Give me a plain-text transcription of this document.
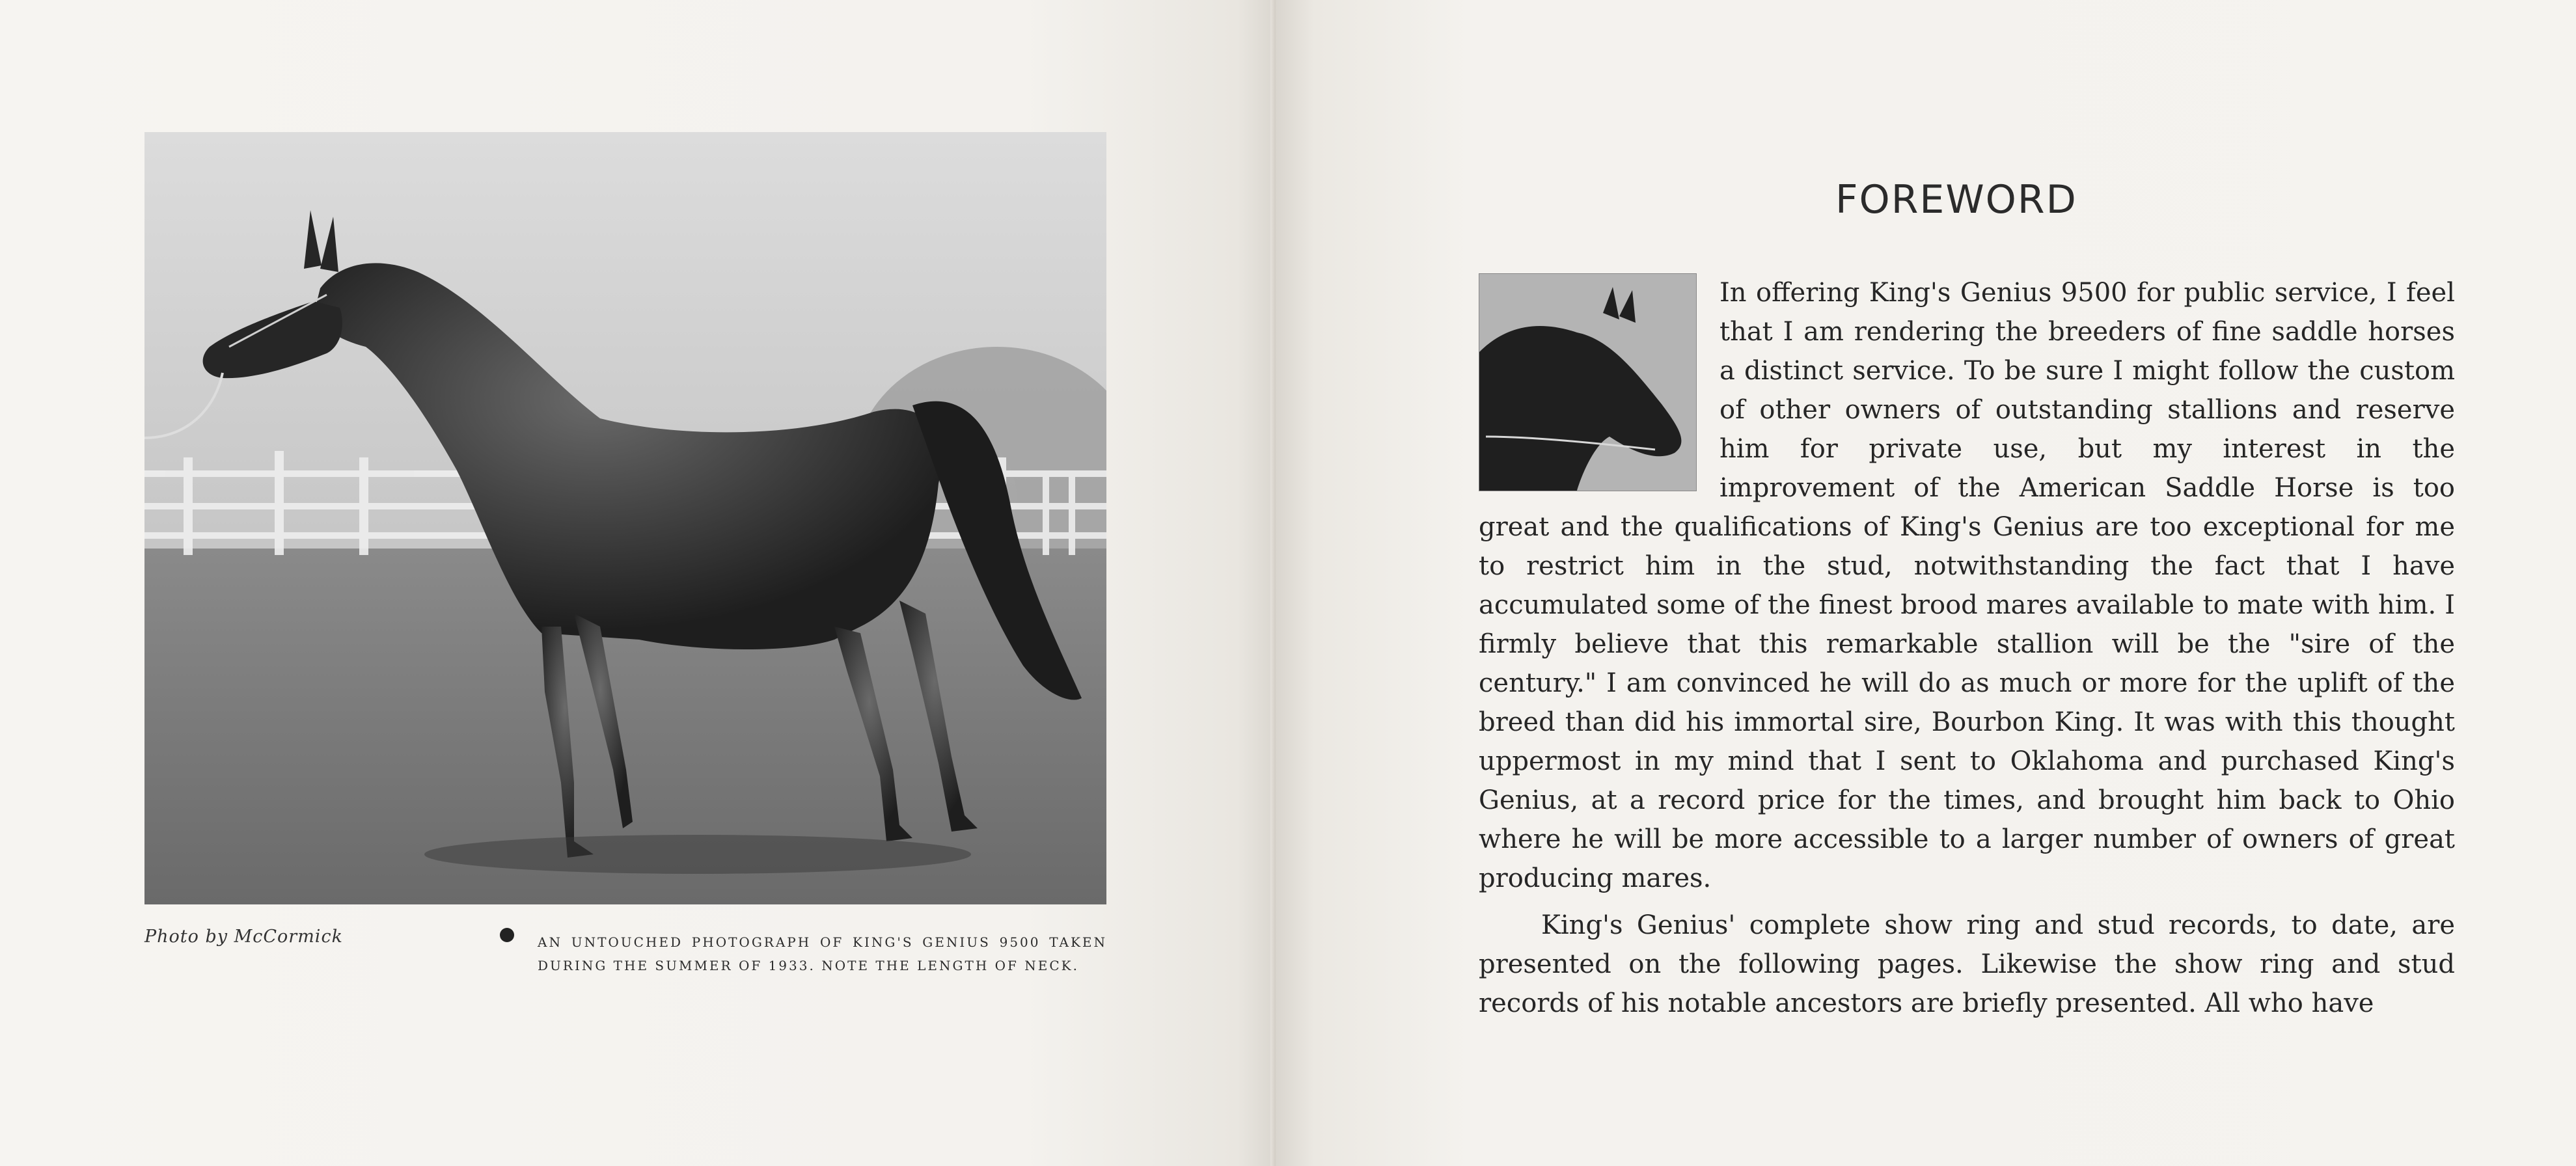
Photo by McCormick	AN UNTOUCHED PHOTOGRAPH OF KING'S GENIUS 9500 TAKEN DURING THE SUMMER OF 1933. NOTE THE LENGTH OF NECK.
FOREWORD

In offering King's Genius 9500 for public service, I feel that I am rendering the breeders of fine saddle horses a distinct service. To be sure I might follow the custom of other owners of outstanding stallions and reserve him for private use, but my interest in the improvement of the American Saddle Horse is too great and the qualifications of King's Genius are too exceptional for me to restrict him in the stud, notwithstanding the fact that I have accumulated some of the finest brood mares available to mate with him. I firmly believe that this remarkable stallion will be the "sire of the century." I am convinced he will do as much or more for the uplift of the breed than did his immortal sire, Bourbon King. It was with this thought uppermost in my mind that I sent to Oklahoma and purchased King's Genius, at a record price for the times, and brought him back to Ohio where he will be more accessible to a larger number of owners of great producing mares.

King's Genius' complete show ring and stud records, to date, are presented on the following pages. Likewise the show ring and stud records of his notable ancestors are briefly presented. All who have
